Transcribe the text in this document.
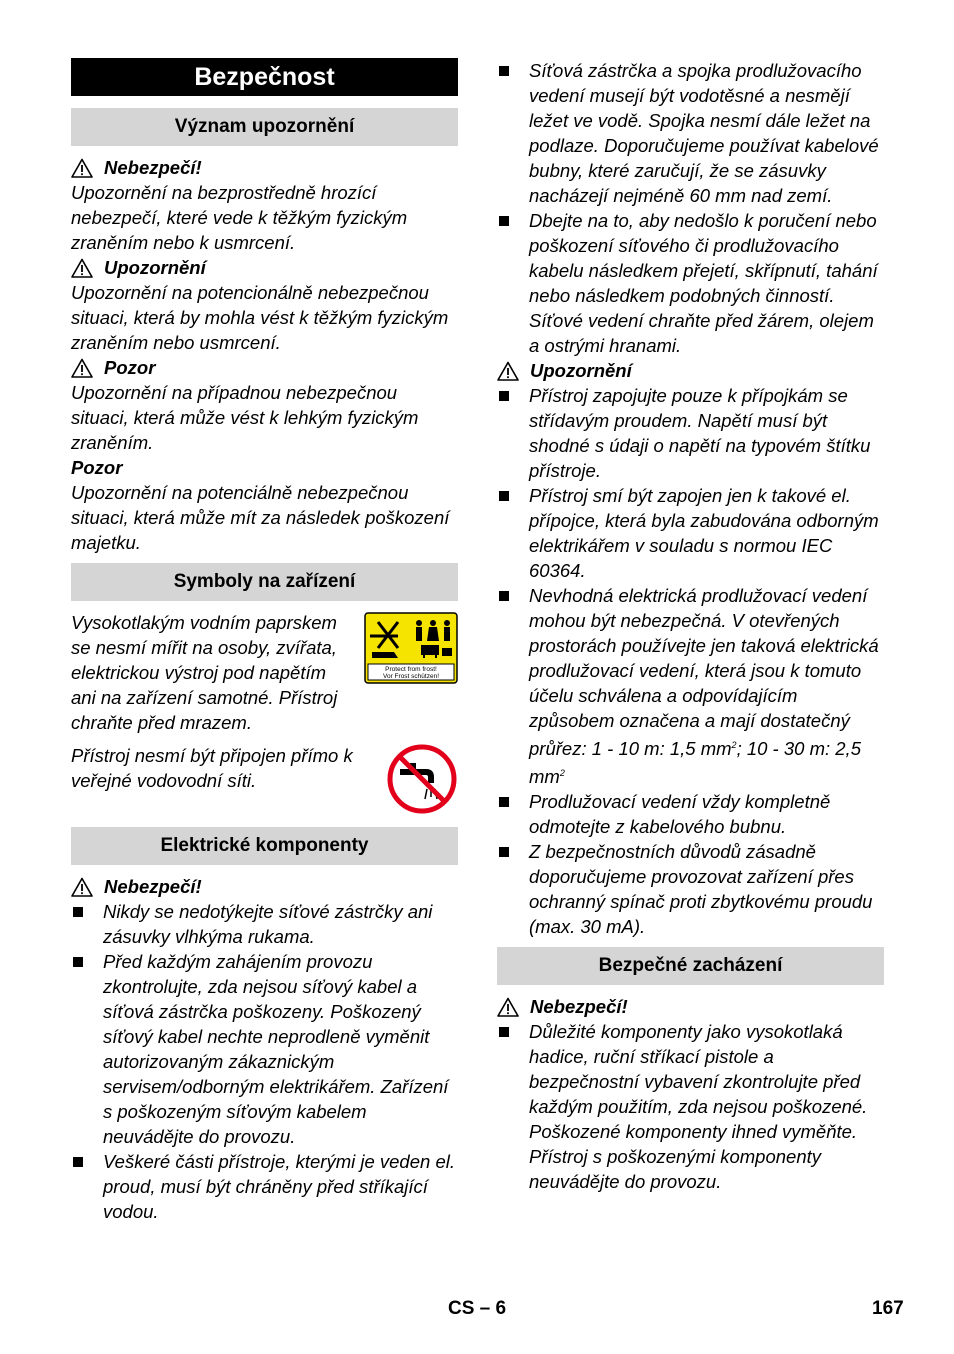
Bezpečnost
Význam upozornění
Nebezpečí!

Upozornění na bezprostředně hrozící nebezpečí, které vede k těžkým fyzickým zraněním nebo k usmrcení.

Upozornění

Upozornění na potencionálně nebezpečnou situaci, která by mohla vést k těžkým fyzickým zraněním nebo usmrcení.

Pozor

Upozornění na případnou nebezpečnou situaci, která může vést k lehkým fyzickým zraněním.

Pozor

Upozornění na potenciálně nebezpečnou situaci, která může mít za následek poškození majetku.

Symboly na zařízení
Protect from frost!
Vor Frost schützen!

Vysokotlakým vodním paprskem se nesmí mířit na osoby, zvířata, elektrickou výstroj pod napětím ani na zařízení samotné. Přístroj chraňte před mrazem.

Přístroj nesmí být připojen přímo k veřejné vodovodní síti.

Elektrické komponenty
Nebezpečí!
Nikdy se nedotýkejte síťové zástrčky ani zásuvky vlhkýma rukama.
Před každým zahájením provozu zkontrolujte, zda nejsou síťový kabel a síťová zástrčka poškozeny. Poškozený síťový kabel nechte neprodleně vyměnit autorizovaným zákaznickým servisem/odborným elektrikářem. Zařízení s poškozeným síťovým kabelem neuvádějte do provozu.
Veškeré části přístroje, kterými je veden el. proud, musí být chráněny před stříkající vodou.
Síťová zástrčka a spojka prodlužovacího vedení musejí být vodotěsné a nesmějí ležet ve vodě. Spojka nesmí dále ležet na podlaze. Doporučujeme používat kabelové bubny, které zaručují, že se zásuvky nacházejí nejméně 60 mm nad zemí.
Dbejte na to, aby nedošlo k poručení nebo poškození síťového či prodlužovacího kabelu následkem přejetí, skřípnutí, tahání nebo následkem podobných činností. Síťové vedení chraňte před žárem, olejem a ostrými hranami.
Upozornění
Přístroj zapojujte pouze k přípojkám se střídavým proudem. Napětí musí být shodné s údaji o napětí na typovém štítku přístroje.
Přístroj smí být zapojen jen k takové el. přípojce, která byla zabudována odborným elektrikářem v souladu s normou IEC 60364.
Nevhodná elektrická prodlužovací vedení mohou být nebezpečná. V otevřených prostorách používejte jen taková elektrická prodlužovací vedení, která jsou k tomuto účelu schválena a odpovídajícím způsobem označena a mají dostatečný průřez: 1 - 10 m: 1,5 $mm^2$; 10 - 30 m: 2,5 $mm^2$
Prodlužovací vedení vždy kompletně odmotejte z kabelového bubnu.
Z bezpečnostních důvodů zásadně doporučujeme provozovat zařízení přes ochranný spínač proti zbytkovému proudu (max. 30 mA).
Bezpečné zacházení
Nebezpečí!
Důležité komponenty jako vysokotlaká hadice, ruční stříkací pistole a bezpečnostní vybavení zkontrolujte před každým použitím, zda nejsou poškozené. Poškozené komponenty ihned vyměňte. Přístroj s poškozenými komponenty neuvádějte do provozu.
CS – 6	167
